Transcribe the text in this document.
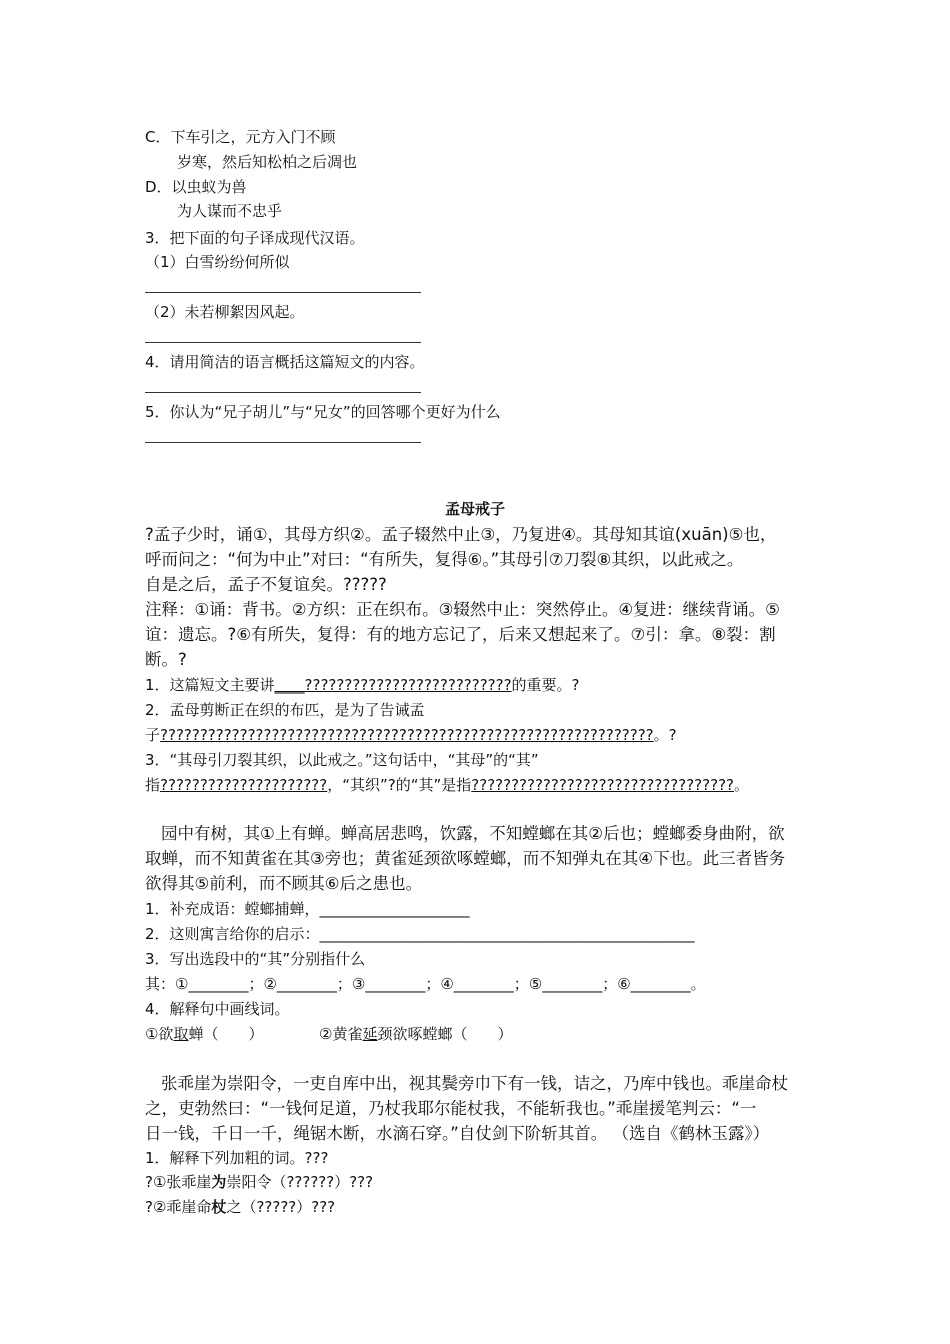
C．下车引之，元方入门不顾
岁寒，然后知松柏之后凋也
D．以虫蚁为兽
为人谋而不忠乎
3．把下面的句子译成现代汉语。
（1）白雪纷纷何所似
（2）未若柳絮因风起。
4．请用简洁的语言概括这篇短文的内容。
5．你认为“兄子胡儿”与“兄女”的回答哪个更好为什么
孟母戒子
?孟子少时，诵①，其母方织②。孟子辍然中止③，乃复进④。其母知其谊(xuān)⑤也，
呼而问之：“何为中止”对曰：“有所失，复得⑥。”其母引⑦刀裂⑧其织，以此戒之。
自是之后，孟子不复谊矣。?????
注释：①诵：背书。②方织：正在织布。③辍然中止：突然停止。④复进：继续背诵。⑤
谊：遗忘。?⑥有所失，复得：有的地方忘记了，后来又想起来了。⑦引：拿。⑧裂：割
断。?
1．这篇短文主要讲____??????????????????????????的重要。?
2．孟母剪断正在织的布匹，是为了告诫孟
子??????????????????????????????????????????????????????????????。?
3．“其母引刀裂其织，以此戒之。”这句话中，“其母”的“其”
指?????????????????????，“其织”?的“其”是指?????????????????????????????????。
园中有树，其①上有蝉。蝉高居悲鸣，饮露，不知螳螂在其②后也；螳螂委身曲附，欲
取蝉，而不知黄雀在其③旁也；黄雀延颈欲啄螳螂，而不知弹丸在其④下也。此三者皆务
欲得其⑤前利，而不顾其⑥后之患也。
1．补充成语：螳螂捕蝉，____________________
2．这则寓言给你的启示：__________________________________________________
3．写出选段中的“其”分别指什么
其：①________；②________；③________；④________；⑤________；⑥________。
4．解释句中画线词。
①欲取蝉（　　）	②黄雀延颈欲啄螳螂（　　）
张乖崖为崇阳令，一吏自库中出，视其鬓旁巾下有一钱，诘之，乃库中钱也。乖崖命杖
之，吏勃然曰：“一钱何足道，乃杖我耶尔能杖我，不能斩我也。”乖崖援笔判云：“一
日一钱，千日一千，绳锯木断，水滴石穿。”自仗剑下阶斩其首。 （选自《鹤林玉露》）
1．解释下列加粗的词。???
?①张乖崖为崇阳令（??????）???
?②乖崖命杖之（?????）???
